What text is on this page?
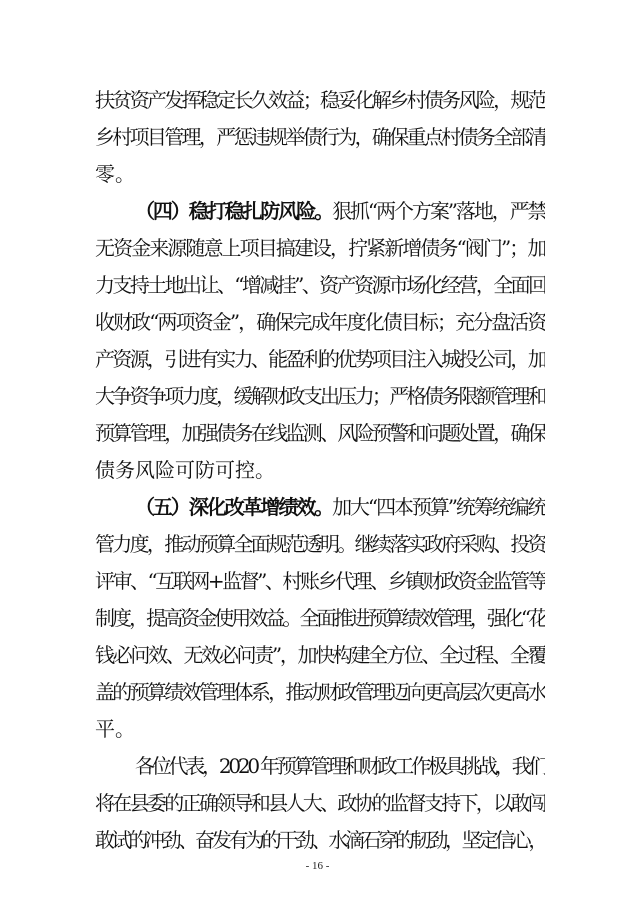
扶贫资产发挥稳定长久效益；稳妥化解乡村债务风险，规范
乡村项目管理，严惩违规举债行为，确保重点村债务全部清
零。
（四）稳打稳扎防风险。狠抓“两个方案”落地，严禁
无资金来源随意上项目搞建设，拧紧新增债务“阀门”；加
力支持土地出让、“增减挂”、资产资源市场化经营，全面回
收财政“两项资金”，确保完成年度化债目标；充分盘活资
产资源，引进有实力、能盈利的优势项目注入城投公司，加
大争资争项力度，缓解财政支出压力；严格债务限额管理和
预算管理，加强债务在线监测、风险预警和问题处置，确保
债务风险可防可控。
（五）深化改革增绩效。加大“四本预算”统筹统编统
管力度，推动预算全面规范透明。继续落实政府采购、投资
评审、“互联网+监督”、村账乡代理、乡镇财政资金监管等
制度，提高资金使用效益。全面推进预算绩效管理，强化“花
钱必问效、无效必问责”，加快构建全方位、全过程、全覆
盖的预算绩效管理体系，推动财政管理迈向更高层次更高水
平。
各位代表，2020 年预算管理和财政工作极具挑战，我们
将在县委的正确领导和县人大、政协的监督支持下，以敢闯
敢试的冲劲、奋发有为的干劲、水滴石穿的韧劲，坚定信心，
- 16 -
